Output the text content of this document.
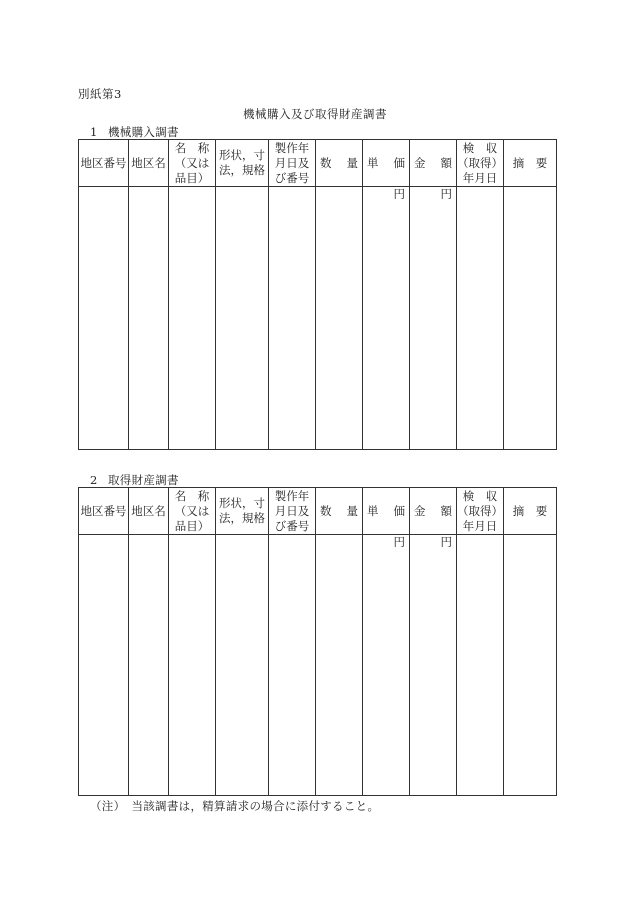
別紙第3
機械購入及び取得財産調書
1 機械購入調書
地区番号	地区名	名　称
（又は
品目）	形状，寸
法，規格	製作年
月日及
び番号	数 量	単 価	金 額	検　収
（取得）
年月日	摘　要

						円	円		

2 取得財産調書
地区番号	地区名	名　称
（又は
品目）	形状，寸
法，規格	製作年
月日及
び番号	数 量	単 価	金 額	検　収
（取得）
年月日	摘　要

						円	円		

（注）　当該調書は，精算請求の場合に添付すること。
